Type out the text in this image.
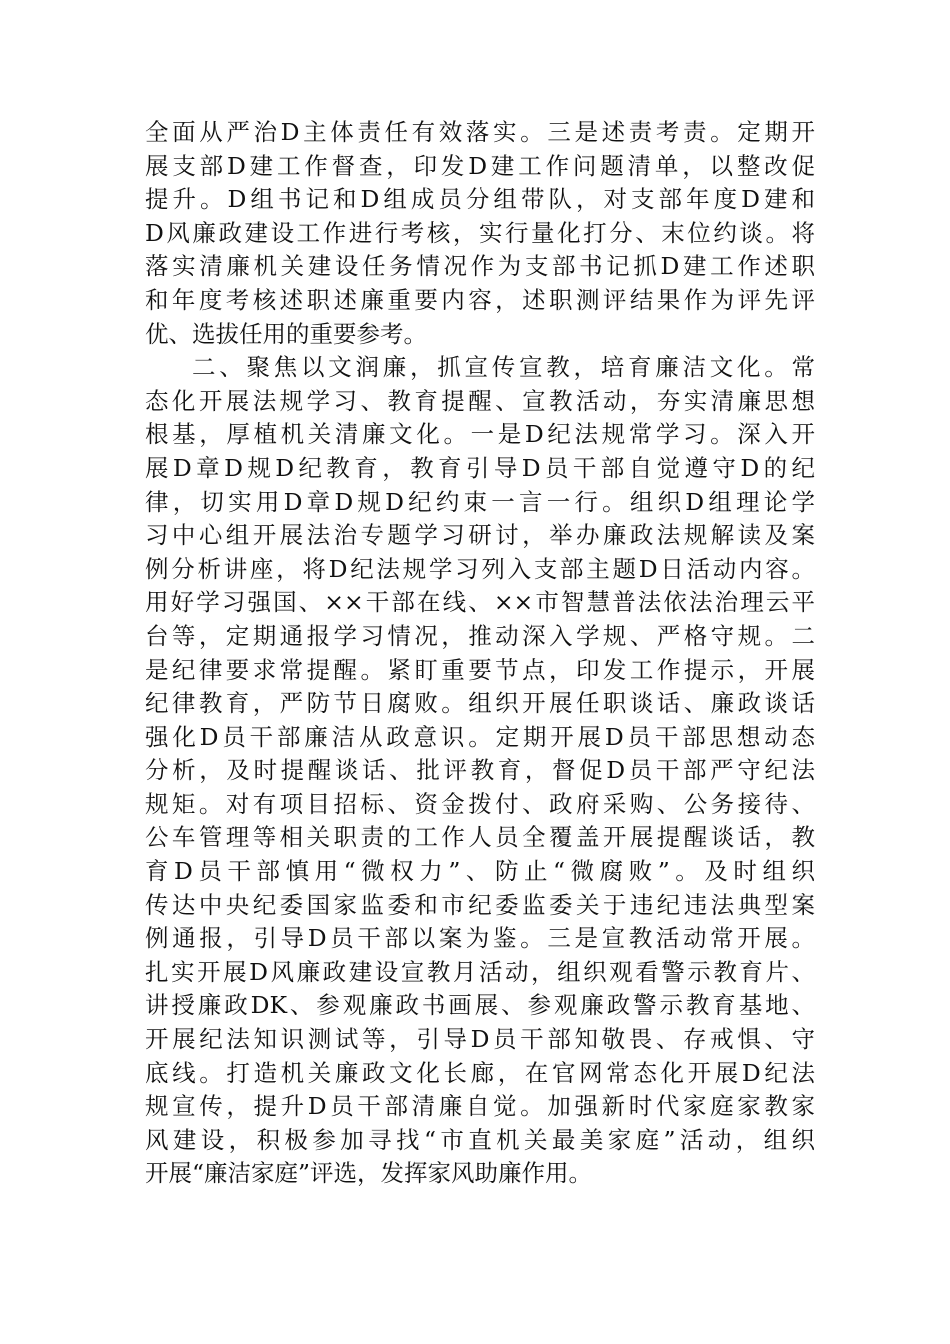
全面从严治D主体责任有效落实。三是述责考责。定期开
展支部D建工作督查，印发D建工作问题清单，以整改促
提升。D组书记和D组成员分组带队，对支部年度D建和
D风廉政建设工作进行考核，实行量化打分、末位约谈。将
落实清廉机关建设任务情况作为支部书记抓D建工作述职
和年度考核述职述廉重要内容，述职测评结果作为评先评
优、选拔任用的重要参考。
二、聚焦以文润廉，抓宣传宣教，培育廉洁文化。常
态化开展法规学习、教育提醒、宣教活动，夯实清廉思想
根基，厚植机关清廉文化。一是D纪法规常学习。深入开
展D章D规D纪教育，教育引导D员干部自觉遵守D的纪
律，切实用D章D规D纪约束一言一行。组织D组理论学
习中心组开展法治专题学习研讨，举办廉政法规解读及案
例分析讲座，将D纪法规学习列入支部主题D日活动内容。
用好学习强国、××干部在线、××市智慧普法依法治理云平
台等，定期通报学习情况，推动深入学规、严格守规。二
是纪律要求常提醒。紧盯重要节点，印发工作提示，开展
纪律教育，严防节日腐败。组织开展任职谈话、廉政谈话
强化D员干部廉洁从政意识。定期开展D员干部思想动态
分析，及时提醒谈话、批评教育，督促D员干部严守纪法
规矩。对有项目招标、资金拨付、政府采购、公务接待、
公车管理等相关职责的工作人员全覆盖开展提醒谈话，教
育D员干部慎用“微权力”、防止“微腐败”。及时组织
传达中央纪委国家监委和市纪委监委关于违纪违法典型案
例通报，引导D员干部以案为鉴。三是宣教活动常开展。
扎实开展D风廉政建设宣教月活动，组织观看警示教育片、
讲授廉政DK、参观廉政书画展、参观廉政警示教育基地、
开展纪法知识测试等，引导D员干部知敬畏、存戒惧、守
底线。打造机关廉政文化长廊，在官网常态化开展D纪法
规宣传，提升D员干部清廉自觉。加强新时代家庭家教家
风建设，积极参加寻找“市直机关最美家庭”活动，组织
开展“廉洁家庭”评选，发挥家风助廉作用。
